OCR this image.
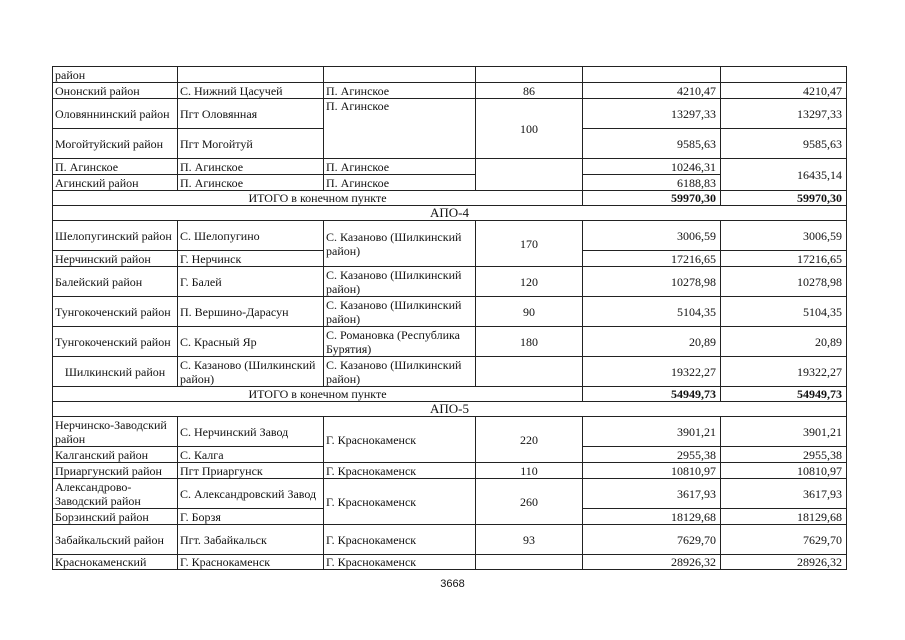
район					
Ононский район	С. Нижний Цасучей	П. Агинское	86	4210,47	4210,47
Оловяннинский район	Пгт Оловянная	П. Агинское	100	13297,33	13297,33
Могойтуйский район	Пгт Могойтуй			9585,63	9585,63
П. Агинское	П. Агинское	П. Агинское		10246,31	16435,14
Агинский район	П. Агинское	П. Агинское		6188,83	
ИТОГО в конечном пункте				59970,30	59970,30
АПО-4					
Шелопугинский район	С. Шелопугино	С. Казаново (Шилкинский район)	170	3006,59	3006,59
Нерчинский район	Г. Нерчинск			17216,65	17216,65
Балейский район	Г. Балей	С. Казаново (Шилкинский район)	120	10278,98	10278,98
Тунгокоченский район	П. Вершино-Дарасун	С. Казаново (Шилкинский район)	90	5104,35	5104,35
Тунгокоченский район	С. Красный Яр	С. Романовка (Республика Бурятия)	180	20,89	20,89
Шилкинский район	С. Казаново (Шилкинский район)	С. Казаново (Шилкинский район)		19322,27	19322,27
ИТОГО в конечном пункте				54949,73	54949,73
АПО-5					
Нерчинско-Заводский район	С. Нерчинский Завод	Г. Краснокаменск	220	3901,21	3901,21
Калганский район	С. Калга			2955,38	2955,38
Приаргунский район	Пгт Приаргунск	Г. Краснокаменск	110	10810,97	10810,97
Александрово-Заводский район	С. Александровский Завод	Г. Краснокаменск	260	3617,93	3617,93
Борзинский район	Г. Борзя			18129,68	18129,68
Забайкальский район	Пгт. Забайкальск	Г. Краснокаменск	93	7629,70	7629,70
Краснокаменский	Г. Краснокаменск	Г. Краснокаменск		28926,32	28926,32
3668
